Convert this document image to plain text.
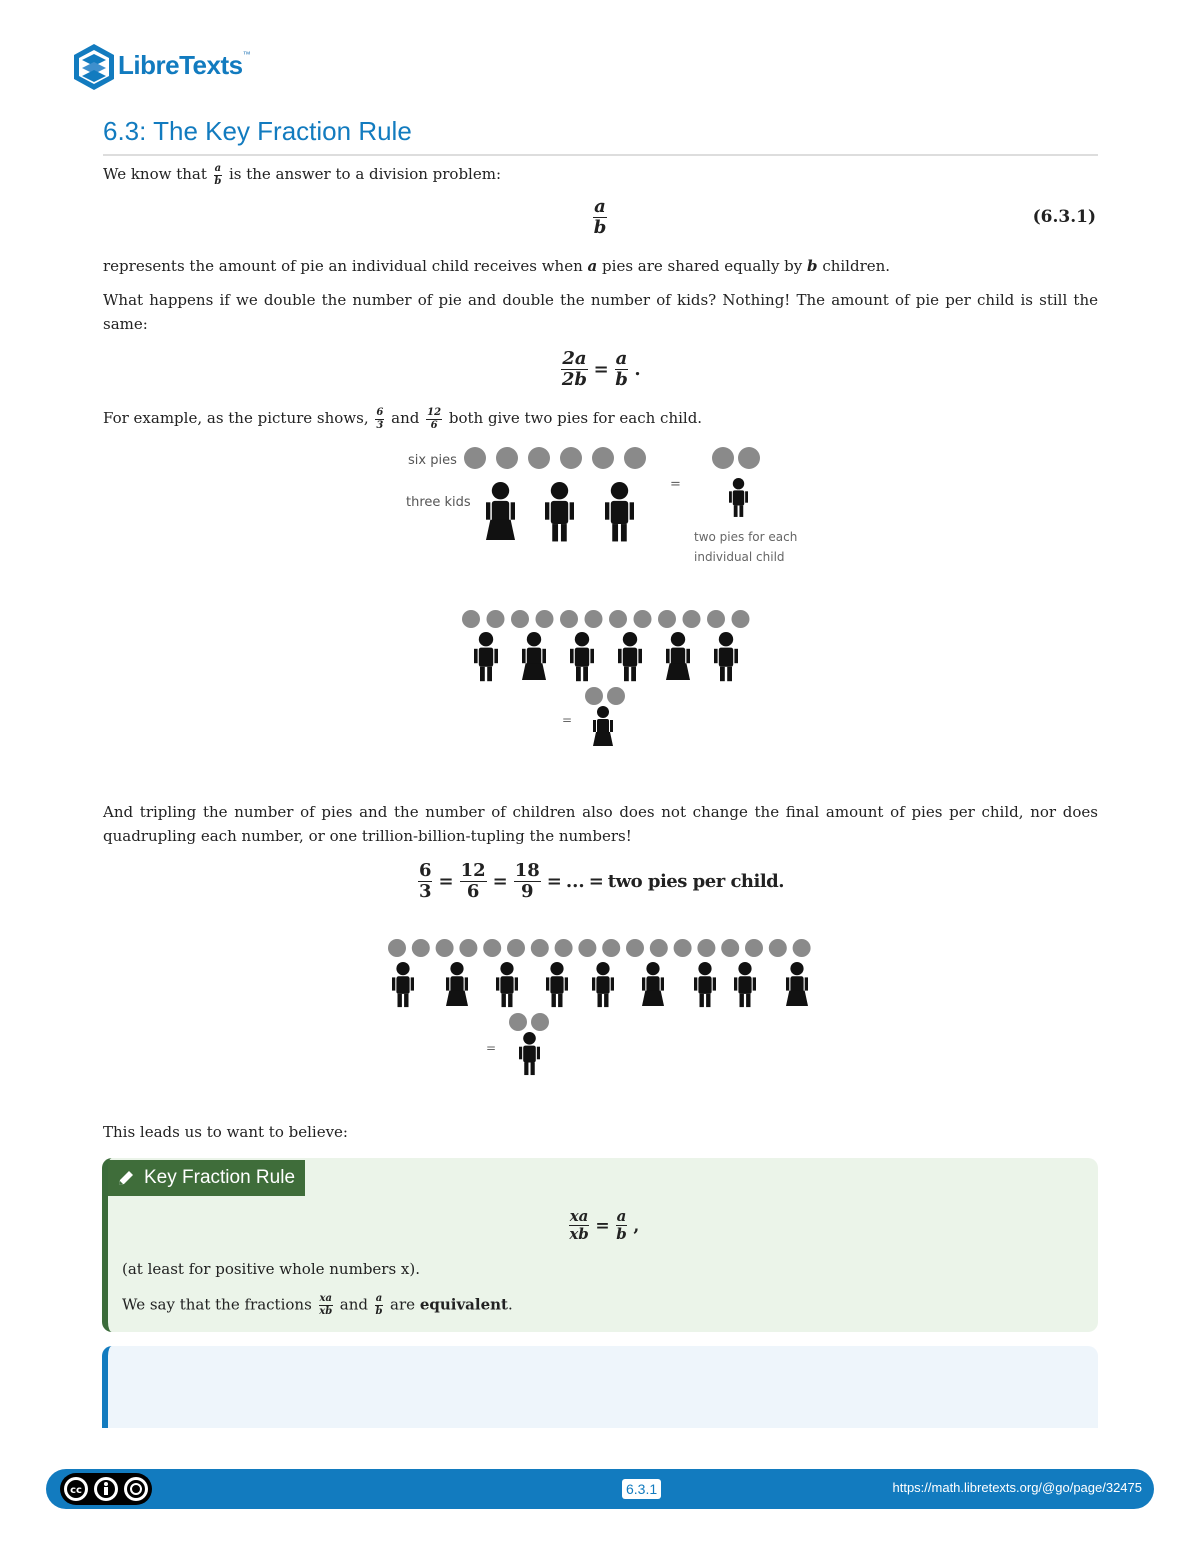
LibreTexts™
6.3: The Key Fraction Rule
We know that $\frac{a}{b}$ is the answer to a division problem:
$\frac{a}{b}$	(6.3.1)
represents the amount of pie an individual child receives when a pies are shared equally by b children.
What happens if we double the number of pie and double the number of kids? Nothing! The amount of pie per child is still the same:
$\frac{2a}{2b} = \frac{a}{b}$ .
For example, as the picture shows, $\frac{6}{3}$ and $\frac{12}{6}$ both give two pies for each child.
six pies
three kids
=
two pies for each
individual child
=
And tripling the number of pies and the number of children also does not change the final amount of pies per child, nor does quadrupling each number, or one trillion-billion-tupling the numbers!
$\frac{6}{3} = \frac{12}{6} = \frac{18}{9}$ = ... = two pies per child.
=
This leads us to want to believe:
Key Fraction Rule
$\frac{xa}{xb} = \frac{a}{b}$ ,
(at least for positive whole numbers x).
We say that the fractions $\frac{xa}{xb}$ and $\frac{a}{b}$ are equivalent.
cc	6.3.1	https://math.libretexts.org/@go/page/32475
